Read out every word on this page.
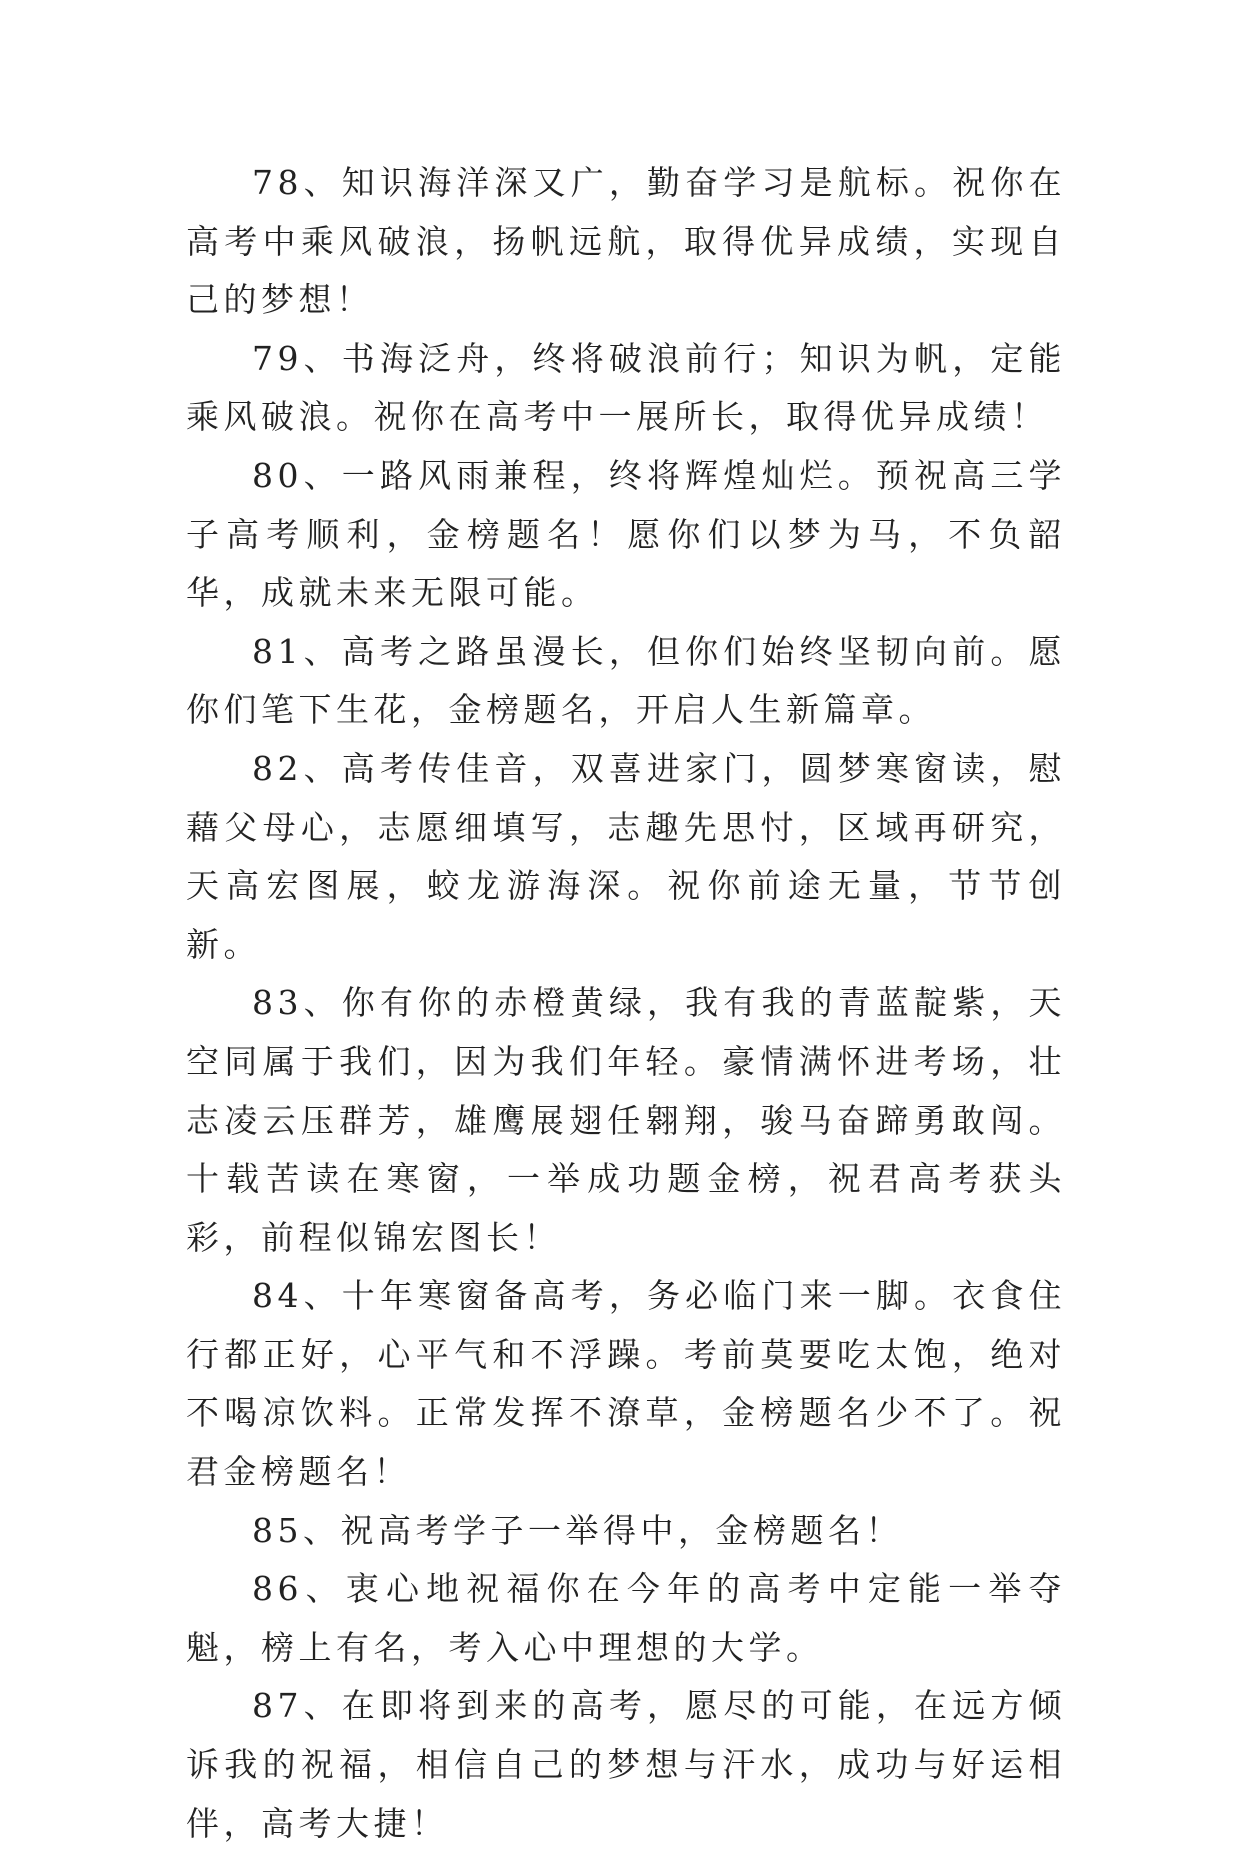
78、知识海洋深又广，勤奋学习是航标。祝你在高考中乘风破浪，扬帆远航，取得优异成绩，实现自己的梦想！

79、书海泛舟，终将破浪前行；知识为帆，定能乘风破浪。祝你在高考中一展所长，取得优异成绩！

80、一路风雨兼程，终将辉煌灿烂。预祝高三学子高考顺利，金榜题名！愿你们以梦为马，不负韶华，成就未来无限可能。

81、高考之路虽漫长，但你们始终坚韧向前。愿你们笔下生花，金榜题名，开启人生新篇章。

82、高考传佳音，双喜进家门，圆梦寒窗读，慰藉父母心，志愿细填写，志趣先思忖，区域再研究，天高宏图展，蛟龙游海深。祝你前途无量，节节创新。

83、你有你的赤橙黄绿，我有我的青蓝靛紫，天空同属于我们，因为我们年轻。豪情满怀进考场，壮志凌云压群芳，雄鹰展翅任翱翔，骏马奋蹄勇敢闯。十载苦读在寒窗，一举成功题金榜，祝君高考获头彩，前程似锦宏图长！

84、十年寒窗备高考，务必临门来一脚。衣食住行都正好，心平气和不浮躁。考前莫要吃太饱，绝对不喝凉饮料。正常发挥不潦草，金榜题名少不了。祝君金榜题名！

85、祝高考学子一举得中，金榜题名！

86、衷心地祝福你在今年的高考中定能一举夺魁，榜上有名，考入心中理想的大学。

87、在即将到来的高考，愿尽的可能，在远方倾诉我的祝福，相信自己的梦想与汗水，成功与好运相伴，高考大捷！
